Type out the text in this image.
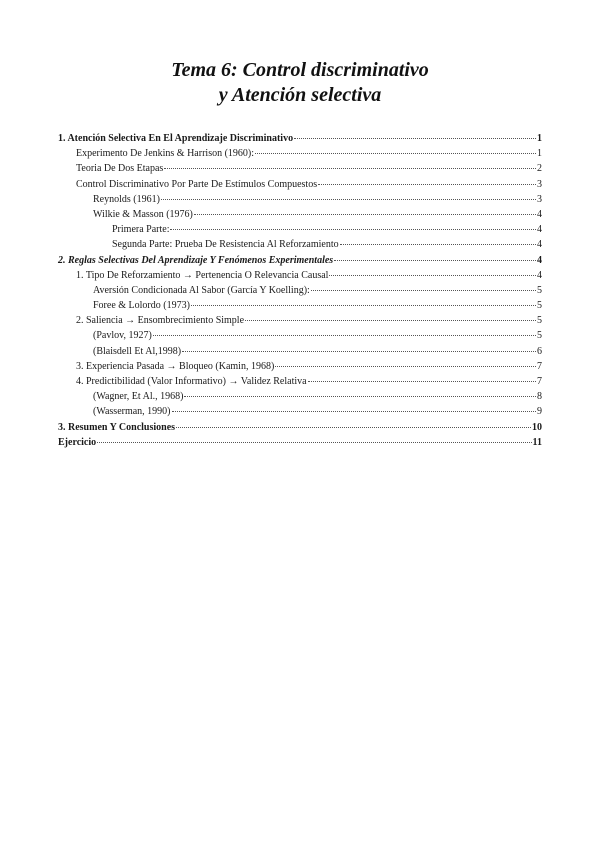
Tema 6: Control discriminativo
y Atención selectiva
1. Atención Selectiva En El Aprendizaje Discriminativo	1
Experimento De Jenkins & Harrison (1960):	1
Teoria De Dos Etapas	2
Control Discriminativo Por Parte De Estímulos Compuestos	3
Reynolds (1961)	3
Wilkie & Masson (1976)	4
Primera Parte:	4
Segunda Parte: Prueba De Resistencia Al Reforzamiento	4
2. Reglas Selectivas Del Aprendizaje Y Fenómenos Experimentales	4
1. Tipo De Reforzamiento → Pertenencia O Relevancia Causal	4
Aversión Condicionada Al Sabor (García Y Koelling):	5
Foree & Lolordo (1973)	5
2. Saliencia → Ensombrecimiento Simple	5
(Pavlov, 1927)	5
(Blaisdell Et Al,1998)	6
3. Experiencia Pasada → Bloqueo (Kamin, 1968)	7
4. Predictibilidad (Valor Informativo) → Validez Relativa	7
(Wagner, Et Al., 1968)	8
(Wasserman, 1990)	9
3. Resumen Y Conclusiones	10
Ejercicio	11
